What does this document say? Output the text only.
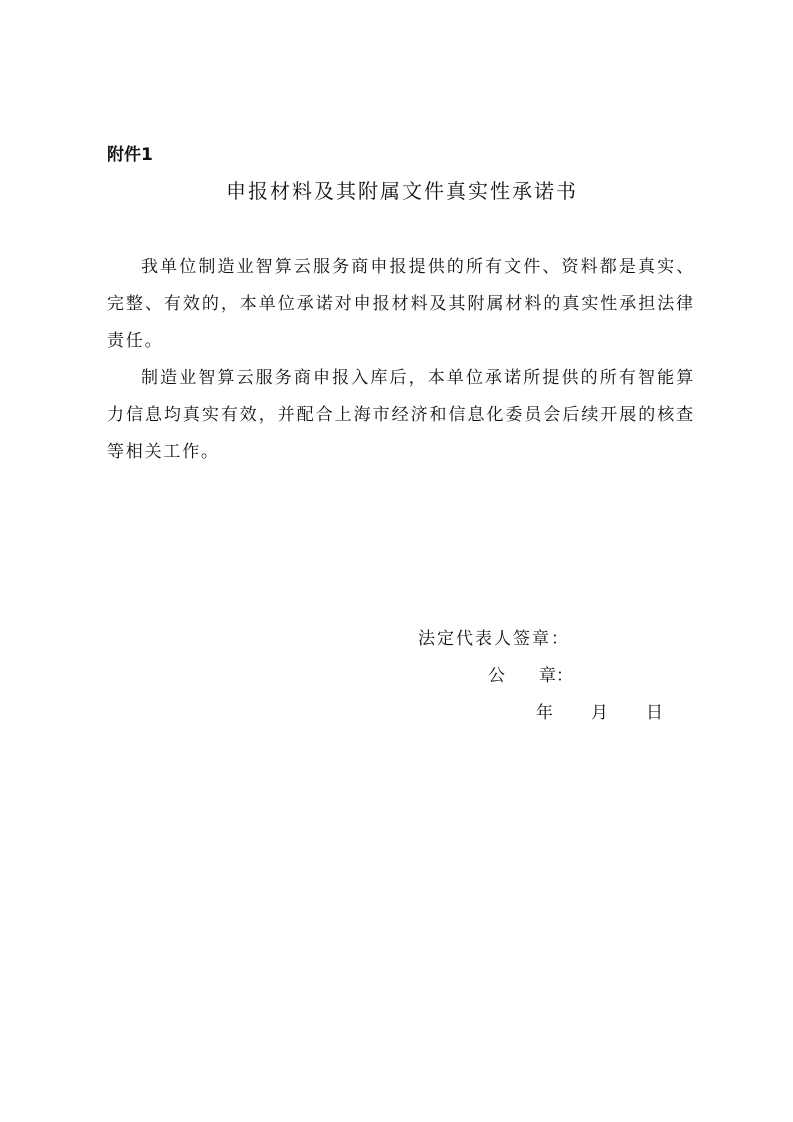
附件1
申报材料及其附属文件真实性承诺书

我单位制造业智算云服务商申报提供的所有文件、资料都是真实、完整、有效的，本单位承诺对申报材料及其附属材料的真实性承担法律责任。

制造业智算云服务商申报入库后，本单位承诺所提供的所有智能算力信息均真实有效，并配合上海市经济和信息化委员会后续开展的核查等相关工作。

法定代表人签章：
公 章：
年 月 日
